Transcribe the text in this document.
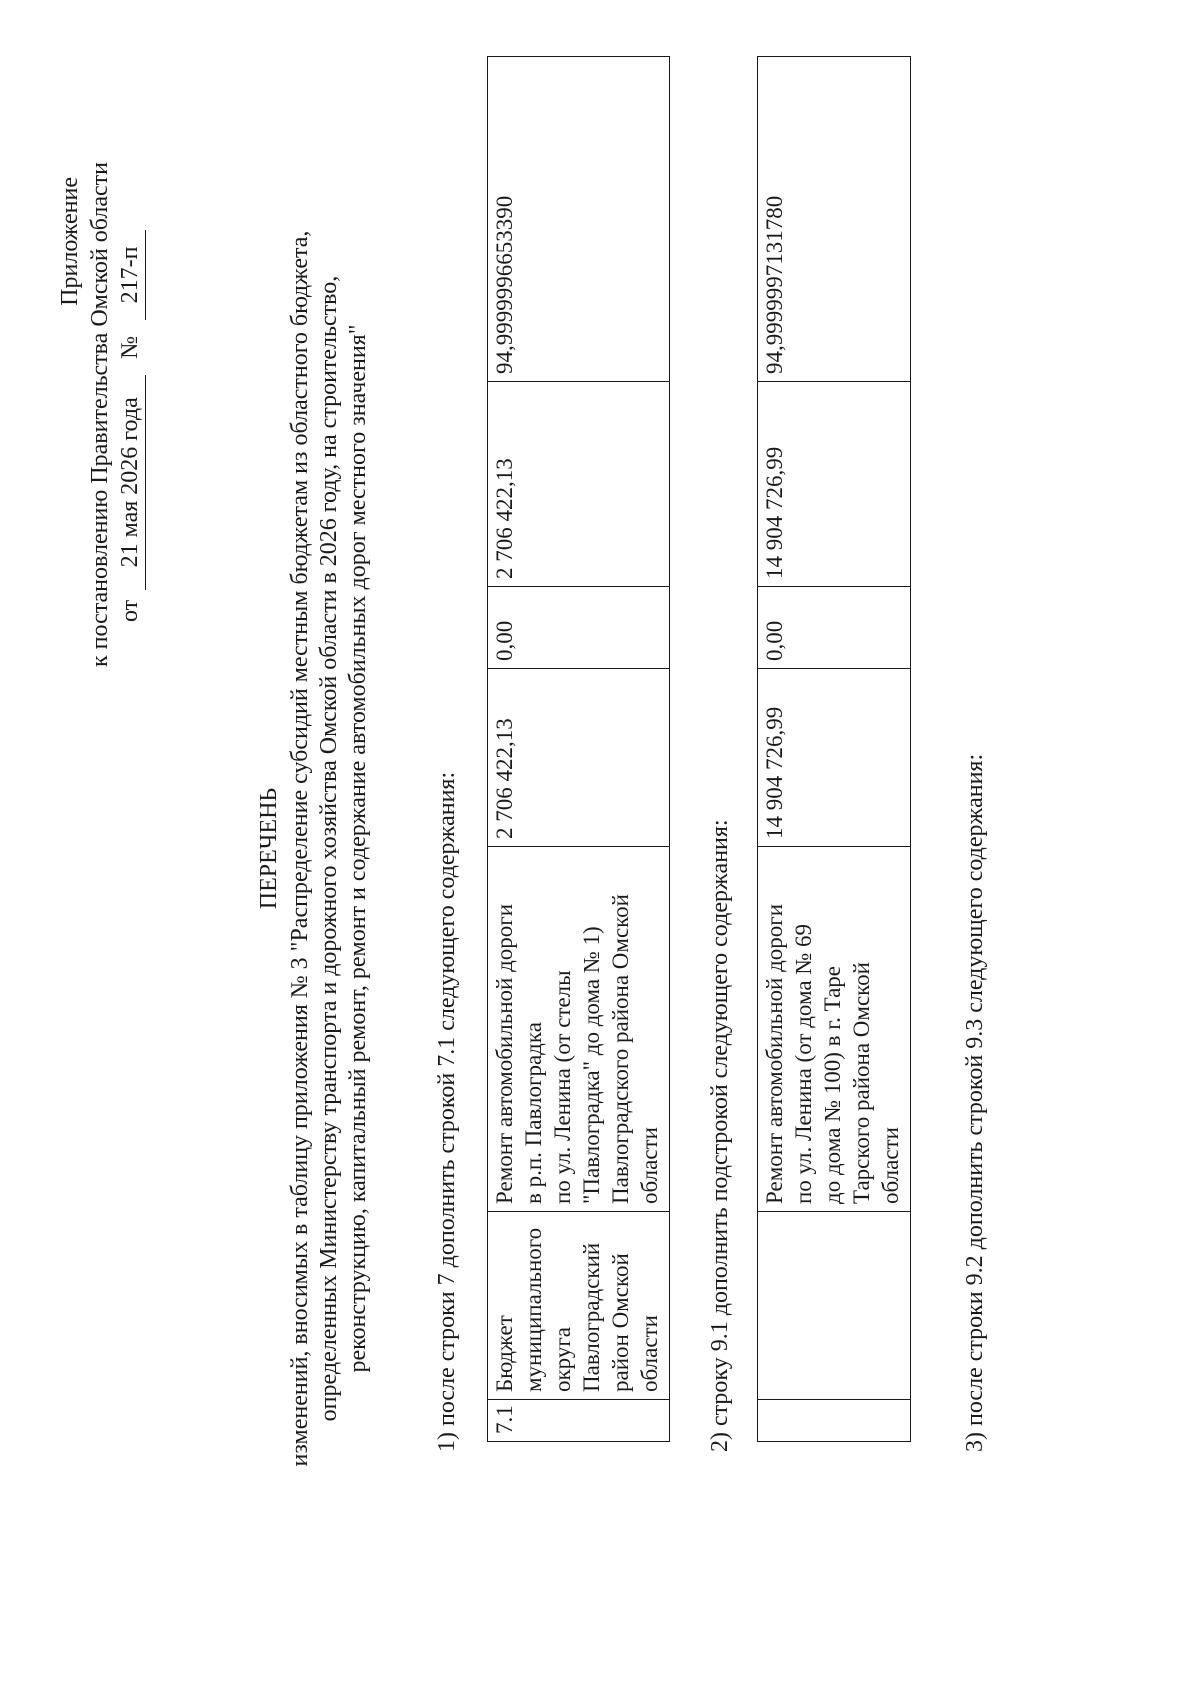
Приложение к постановлению Правительства Омской области от 21 мая 2026 года № 217-п
ПЕРЕЧЕНЬ изменений, вносимых в таблицу приложения № 3 "Распределение субсидий местным бюджетам из областного бюджета, определенных Министерству транспорта и дорожного хозяйства Омской области в 2026 году, на строительство, реконструкцию, капитальный ремонт, ремонт и содержание автомобильных дорог местного значения"	1) после строки 7 дополнить строкой 7.1 следующего содержания: 7.1	Бюджет
муниципального
округа
Павлоградский
район Омской
области	Ремонт автомобильной дороги
в р.п. Павлоградка
по ул. Ленина (от стелы
"Павлоградка" до дома № 1)
Павлоградского района Омской
области	2 706 422,13	0,00	2 706 422,13	94,9999996653390
2) строку 9.1 дополнить подстрокой следующего содержания:
		Ремонт автомобильной дороги
по ул. Ленина (от дома № 69
до дома № 100) в г. Таре
Тарского района Омской
области	14 904 726,99	0,00	14 904 726,99	94,9999997131780
3) после строки 9.2 дополнить строкой 9.3 следующего содержания:
